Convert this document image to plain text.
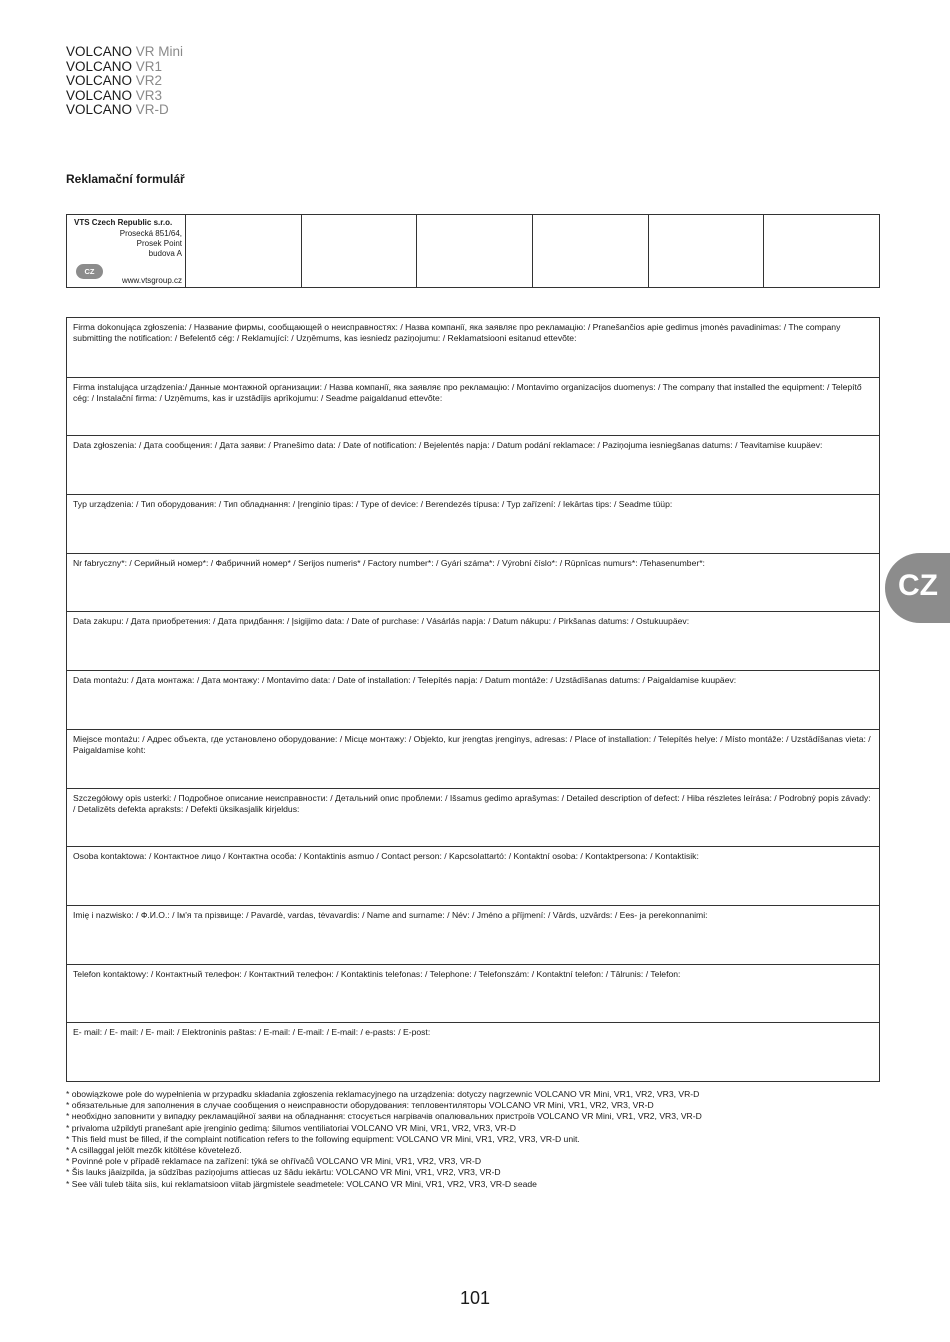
VOLCANO VR Mini
VOLCANO VR1
VOLCANO VR2
VOLCANO VR3
VOLCANO VR-D
Reklamační formulář
VTS Czech Republic s.r.o.
Prosecká 851/64,
Prosek Point
budova A
CZ
www.vtsgroup.cz
Firma dokonująca zgłoszenia: / Название фирмы, сообщающей о неисправностях: / Назва компанії, яка заявляє про рекламацію: / Pranešančios apie gedimus įmonės pavadinimas: / The company submitting the notification: / Befelentő cég: / Reklamující: / Uzņēmums, kas iesniedz paziņojumu: / Reklamatsiooni esitanud ettevõte:
Firma instalująca urządzenia:/ Данные монтажной организации: / Назва компанії, яка заявляє про рекламацію: / Montavimo organizacijos duomenys: / The company that installed the equipment: / Telepítő cég: / Instalační firma: / Uzņēmums, kas ir uzstādījis aprīkojumu: / Seadme paigaldanud ettevõte:
Data zgłoszenia: / Дата сообщения: / Дата заяви: / Pranešimo data: / Date of notification: / Bejelentés napja: / Datum podání reklamace: / Paziņojuma iesniegšanas datums: / Teavitamise kuupäev:
Typ urządzenia: / Тип оборудования: / Тип обладнання: / Įrenginio tipas: / Type of device: / Berendezés típusa: / Typ zařízení: / Iekārtas tips: / Seadme tüüp:
Nr fabryczny*: / Серийный номер*: / Фабричний номер* / Serijos numeris* / Factory number*: / Gyári száma*: / Výrobní číslo*: / Rūpnīcas numurs*: /Tehasenumber*:
Data zakupu: / Дата приобретения: / Дата придбання: / Įsigijimo data: / Date of purchase: / Vásárlás napja: / Datum nákupu: / Pirkšanas datums: / Ostukuupäev:
Data montażu: / Дата монтажа: / Дата монтажу: / Montavimo data: / Date of installation: / Telepítés napja: / Datum montáže: / Uzstādīšanas datums: / Paigaldamise kuupäev:
Miejsce montażu: / Адрес объекта, где установлено оборудование: / Місце монтажу: / Objekto, kur įrengtas įrenginys, adresas: / Place of installation: / Telepítés helye: / Místo montáže: / Uzstādīšanas vieta: / Paigaldamise koht:
Szczegółowy opis usterki: / Подробное описание неисправности: / Детальний опис проблеми: / Išsamus gedimo aprašymas: / Detailed description of defect: / Hiba részletes leírása: / Podrobný popis závady: / Detalizēts defekta apraksts: / Defekti üksikasjalik kirjeldus:
Osoba kontaktowa: / Контактное лицо / Контактна особа: / Kontaktinis asmuo / Contact person: / Kapcsolattartó: / Kontaktní osoba: / Kontaktpersona: / Kontaktisik:
Imię i nazwisko: / Ф.И.О.: / Ім'я та прізвище: / Pavardė, vardas, tėvavardis: / Name and surname: / Név: / Jméno a příjmení: / Vārds, uzvārds: / Ees- ja perekonnanimi:
Telefon kontaktowy: / Контактный телефон: / Контактний телефон: / Kontaktinis telefonas: / Telephone: / Telefonszám: / Kontaktní telefon: / Tālrunis: / Telefon:
E- mail: / E- mail: / E- mail: / Elektroninis paštas: / E-mail: / E-mail: / E-mail: / e-pasts: / E-post:
* obowiązkowe pole do wypełnienia w przypadku składania zgłoszenia reklamacyjnego na urządzenia: dotyczy nagrzewnic VOLCANO VR Mini, VR1, VR2, VR3, VR-D
* обязательные для заполнения в случае сообщения о неисправности оборудования: тепловентиляторы VOLCANO VR Mini, VR1, VR2, VR3, VR-D
* необхідно заповнити у випадку рекламаційної заяви на обладнання: стосується нагрівачів опалювальних пристроїв VOLCANO VR Mini, VR1, VR2, VR3, VR-D
* privaloma užpildyti pranešant apie įrenginio gedimą: šilumos ventiliatoriai VOLCANO VR Mini, VR1, VR2, VR3, VR-D
* This field must be filled, if the complaint notification refers to the following equipment: VOLCANO VR Mini, VR1, VR2, VR3, VR-D unit.
* A csillaggal jelölt mezők kitöltése követelező.
* Povinné pole v případě reklamace na zařízení: týká se ohřívačů VOLCANO VR Mini, VR1, VR2, VR3, VR-D
* Šis lauks jāaizpilda, ja sūdzības paziņojums attiecas uz šādu iekārtu: VOLCANO VR Mini, VR1, VR2, VR3, VR-D
* See väli tuleb täita siis, kui reklamatsioon viitab järgmistele seadmetele: VOLCANO VR Mini, VR1, VR2, VR3, VR-D seade
CZ
101
